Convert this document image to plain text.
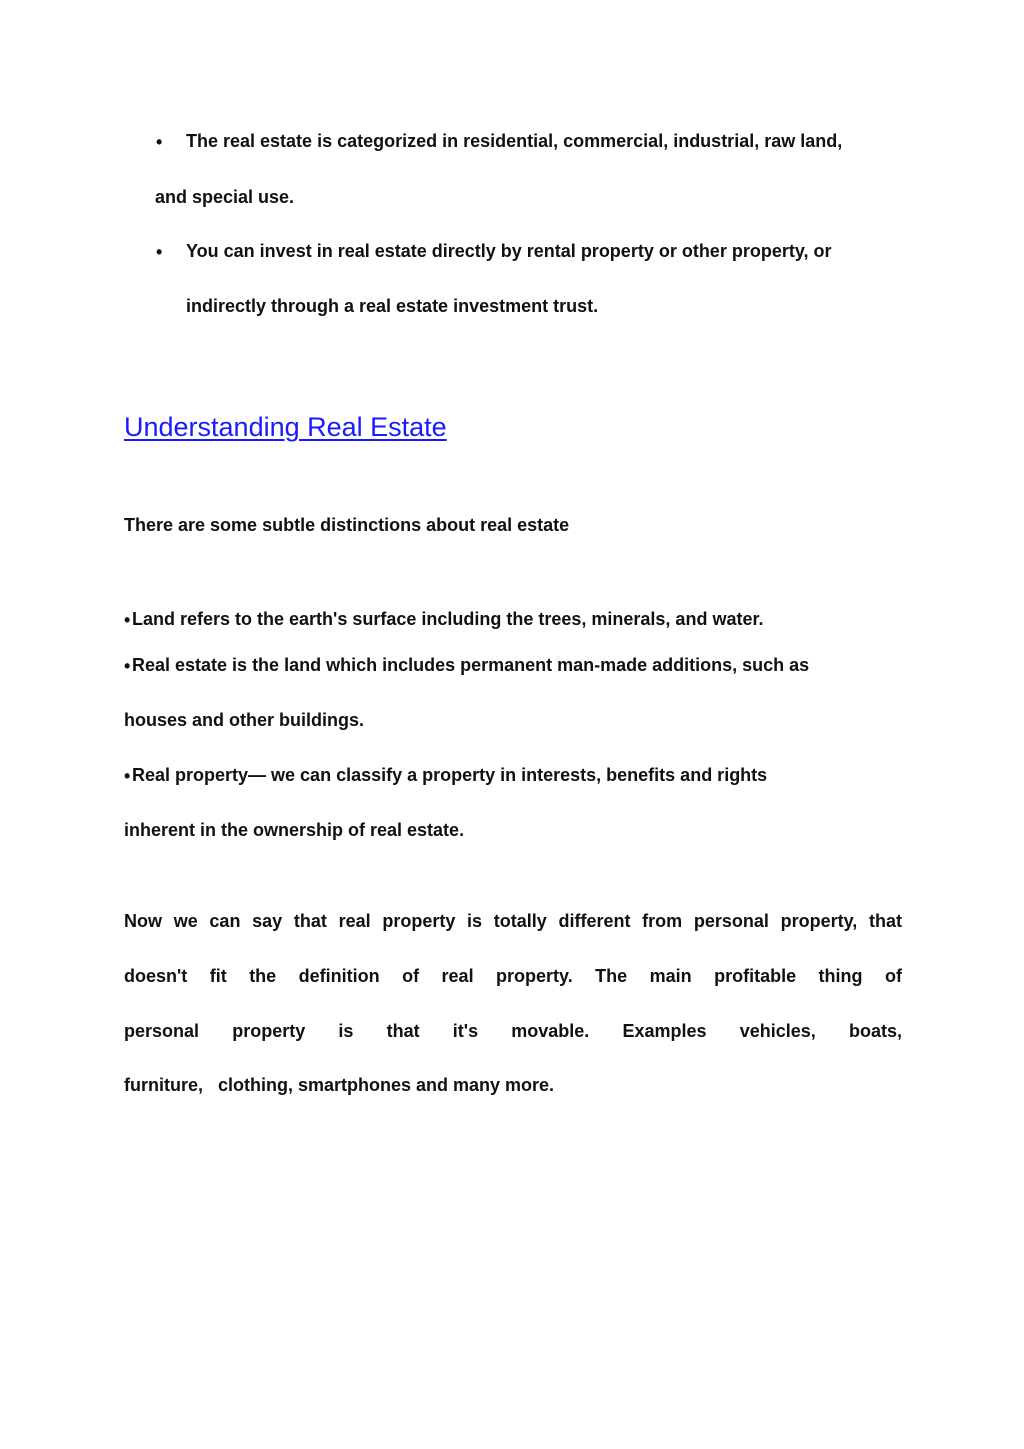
• The real estate is categorized in residential, commercial, industrial, raw land,
and special use.
• You can invest in real estate directly by rental property or other property, or
indirectly through a real estate investment trust.
Understanding Real Estate
There are some subtle distinctions about real estate
• Land refers to the earth's surface including the trees, minerals, and water.
• Real estate is the land which includes permanent man-made additions, such as
houses and other buildings.
• Real property— we can classify a property in interests, benefits and rights
inherent in the ownership of real estate.
Now we can say that real property is totally different from personal property, that
doesn't fit the definition of real property. The main profitable thing of
personal property is that it's movable. Examples vehicles, boats,
furniture,   clothing, smartphones and many more.
